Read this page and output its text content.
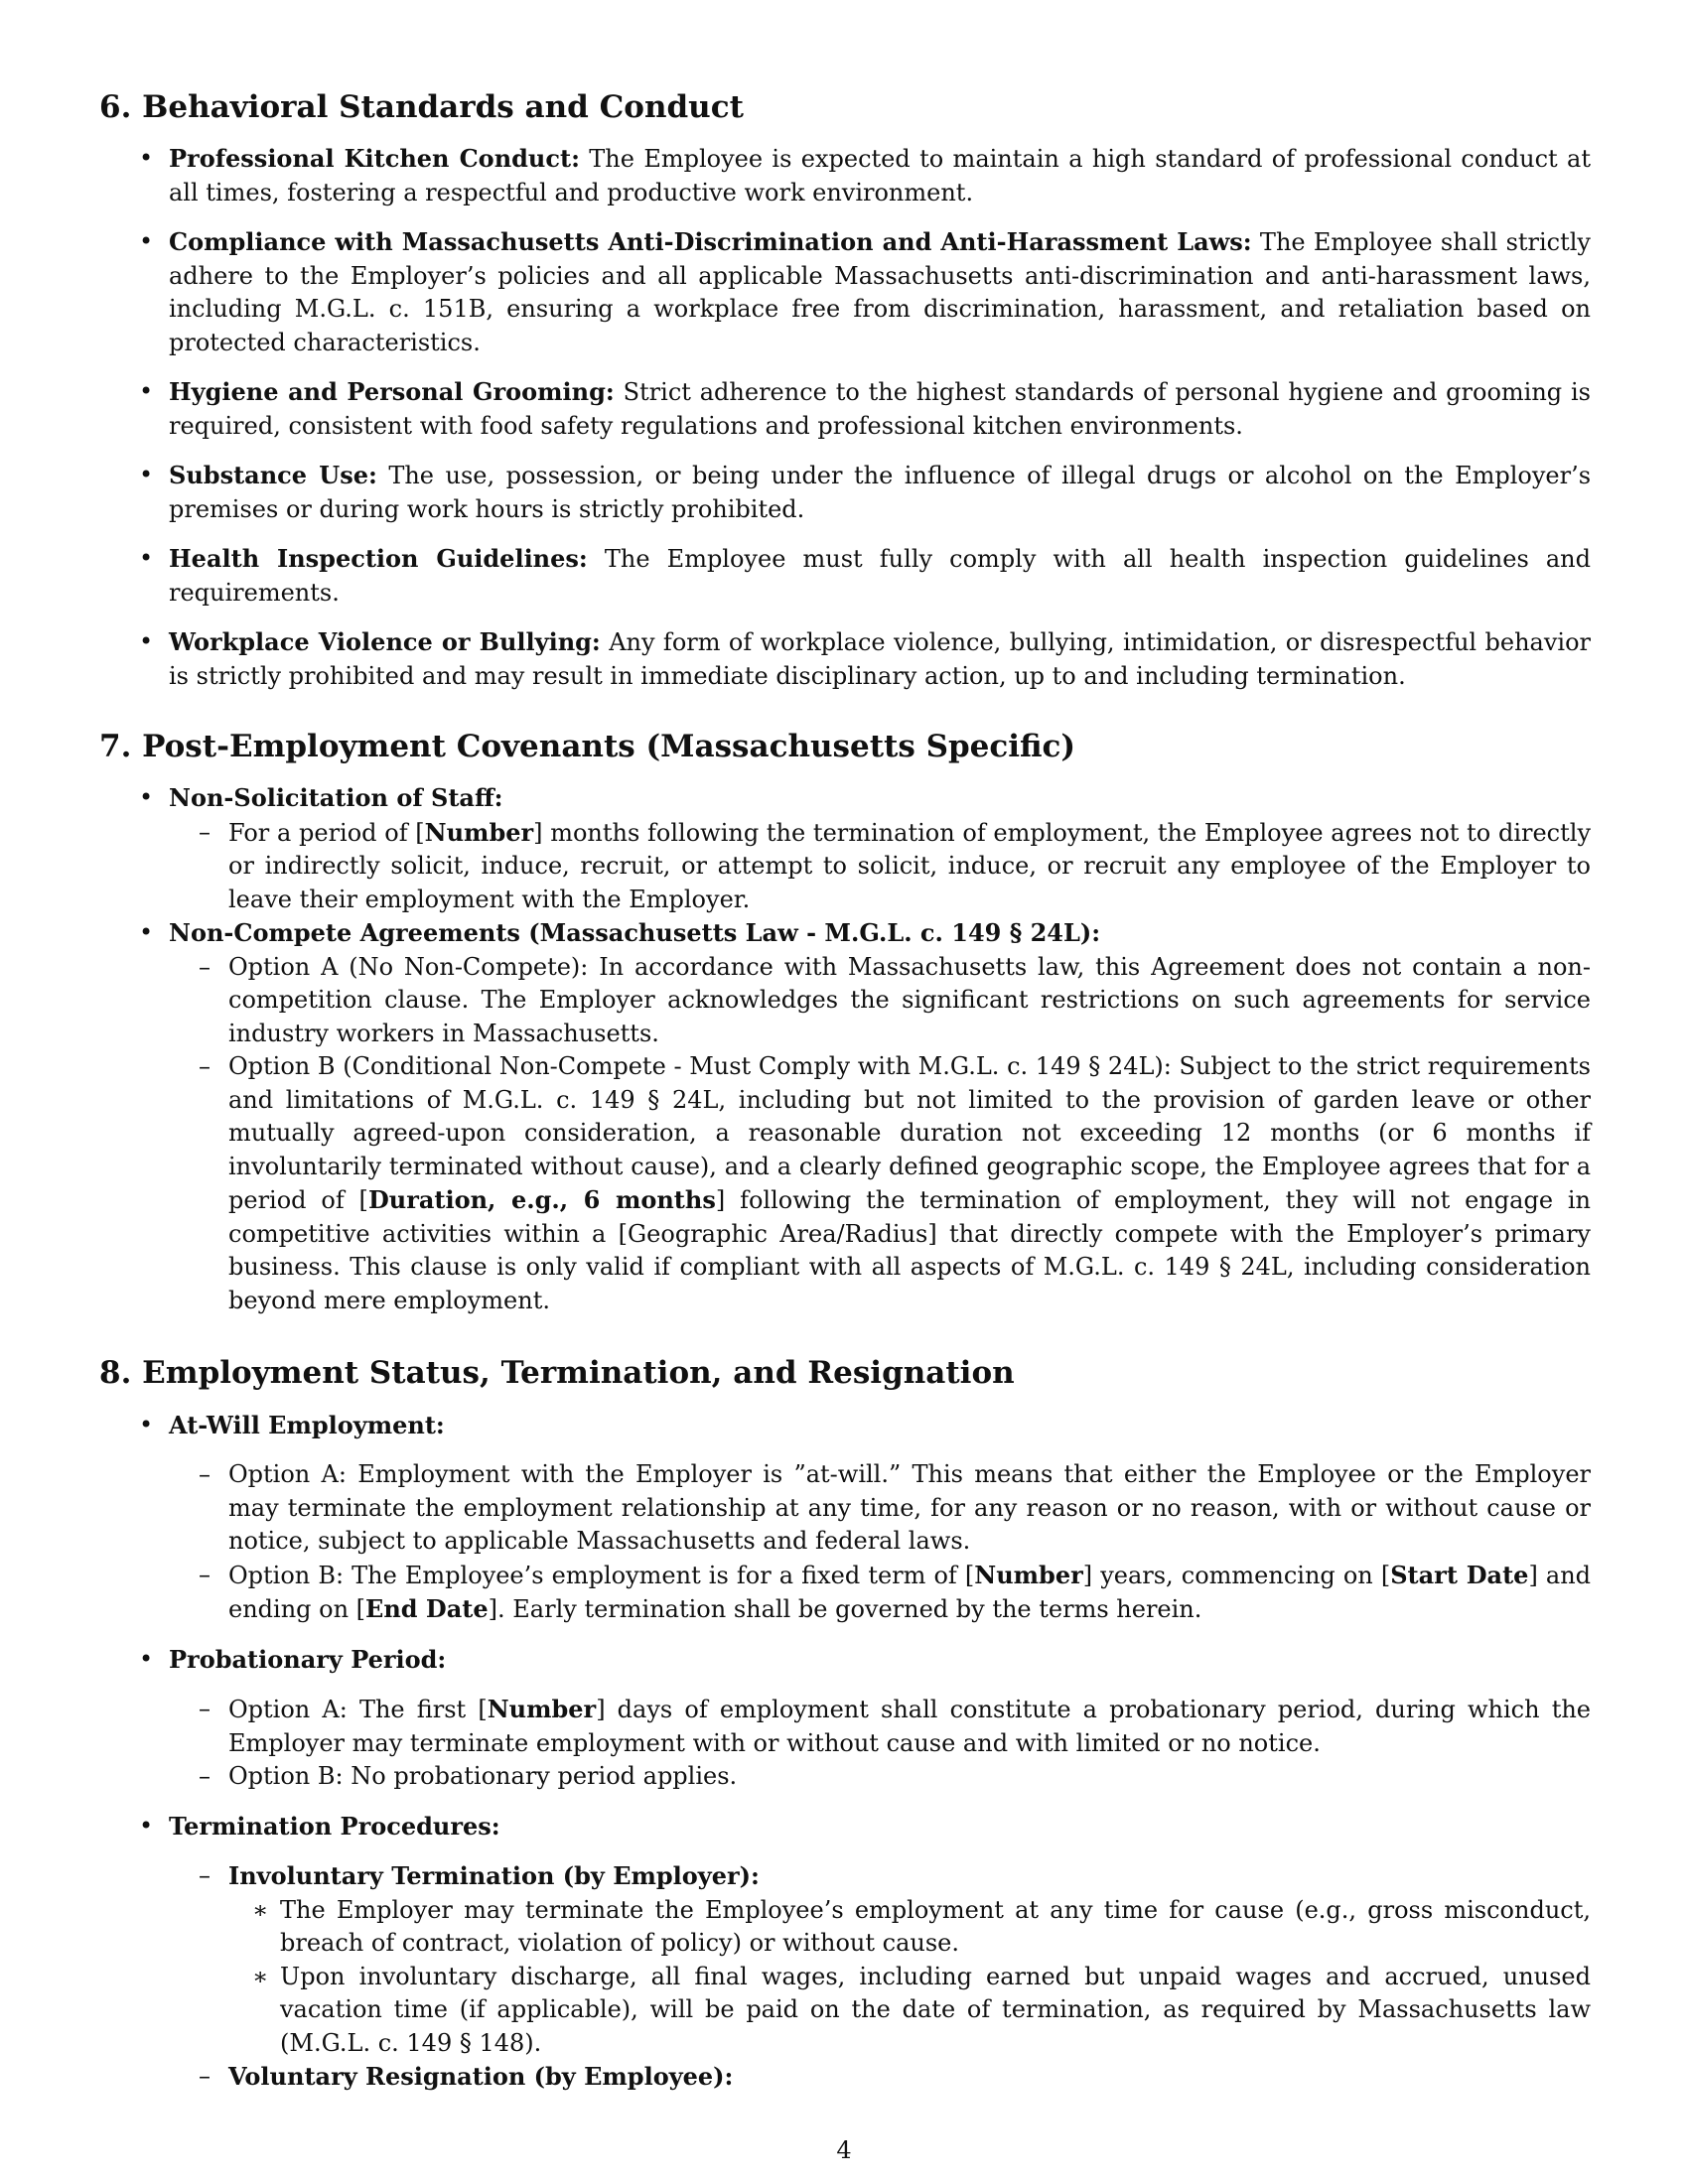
6. Behavioral Standards and Conduct
• Professional Kitchen Conduct: The Employee is expected to maintain a high standard of professional conduct at all times, fostering a respectful and productive work environment.
• Compliance with Massachusetts Anti-Discrimination and Anti-Harassment Laws: The Employee shall strictly adhere to the Employer’s policies and all applicable Massachusetts anti-discrimination and anti-harassment laws, including M.G.L. c. 151B, ensuring a workplace free from discrimination, harassment, and retaliation based on protected characteristics.
• Hygiene and Personal Grooming: Strict adherence to the highest standards of personal hygiene and grooming is required, consistent with food safety regulations and professional kitchen environments.
• Substance Use: The use, possession, or being under the influence of illegal drugs or alcohol on the Employer’s premises or during work hours is strictly prohibited.
• Health Inspection Guidelines: The Employee must fully comply with all health inspection guidelines and requirements.
• Workplace Violence or Bullying: Any form of workplace violence, bullying, intimidation, or disrespectful behavior is strictly prohibited and may result in immediate disciplinary action, up to and including termination.
7. Post-Employment Covenants (Massachusetts Specific)
• Non-Solicitation of Staff:
– For a period of [Number] months following the termination of employment, the Employee agrees not to directly or indirectly solicit, induce, recruit, or attempt to solicit, induce, or recruit any employee of the Employer to leave their employment with the Employer.
• Non-Compete Agreements (Massachusetts Law - M.G.L. c. 149 § 24L):
– Option A (No Non-Compete): In accordance with Massachusetts law, this Agreement does not contain a non-competition clause. The Employer acknowledges the significant restrictions on such agreements for service industry workers in Massachusetts.
– Option B (Conditional Non-Compete - Must Comply with M.G.L. c. 149 § 24L): Subject to the strict requirements and limitations of M.G.L. c. 149 § 24L, including but not limited to the provision of garden leave or other mutually agreed-upon consideration, a reasonable duration not exceeding 12 months (or 6 months if involuntarily terminated without cause), and a clearly defined geographic scope, the Employee agrees that for a period of [Duration, e.g., 6 months] following the termination of employment, they will not engage in competitive activities within a [Geographic Area/Radius] that directly compete with the Employer’s primary business. This clause is only valid if compliant with all aspects of M.G.L. c. 149 § 24L, including consideration beyond mere employment.
8. Employment Status, Termination, and Resignation
• At-Will Employment:
– Option A: Employment with the Employer is ”at-will.” This means that either the Employee or the Employer may terminate the employment relationship at any time, for any reason or no reason, with or without cause or notice, subject to applicable Massachusetts and federal laws.
– Option B: The Employee’s employment is for a fixed term of [Number] years, commencing on [Start Date] and ending on [End Date]. Early termination shall be governed by the terms herein.
• Probationary Period:
– Option A: The first [Number] days of employment shall constitute a probationary period, during which the Employer may terminate employment with or without cause and with limited or no notice.
– Option B: No probationary period applies.
• Termination Procedures:
– Involuntary Termination (by Employer):
∗ The Employer may terminate the Employee’s employment at any time for cause (e.g., gross misconduct, breach of contract, violation of policy) or without cause.
∗ Upon involuntary discharge, all final wages, including earned but unpaid wages and accrued, unused vacation time (if applicable), will be paid on the date of termination, as required by Massachusetts law (M.G.L. c. 149 § 148).
– Voluntary Resignation (by Employee):
4
